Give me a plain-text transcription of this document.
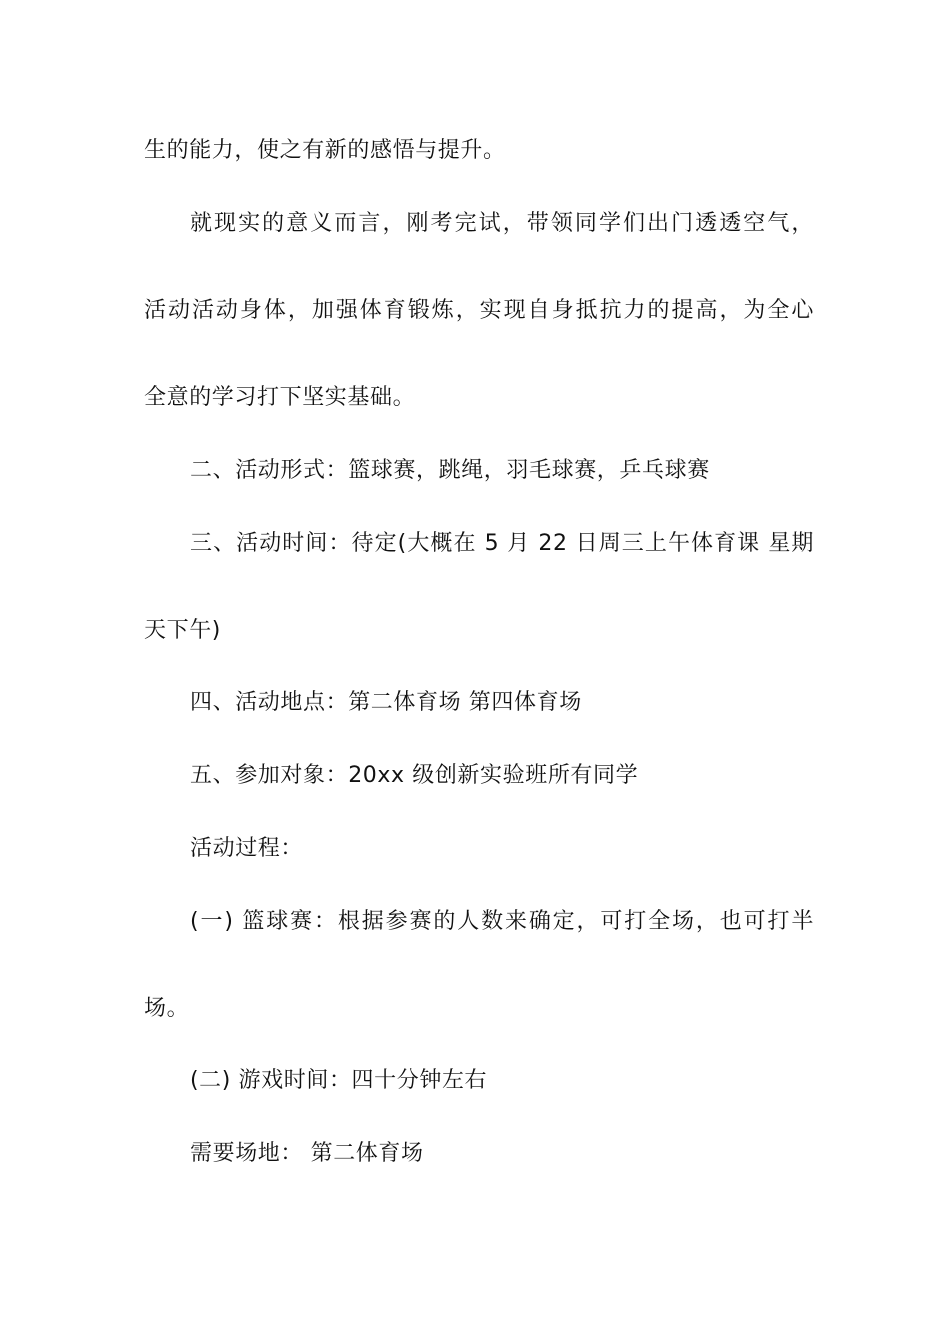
生的能力，使之有新的感悟与提升。
就现实的意义而言，刚考完试，带领同学们出门透透空气，
活动活动身体，加强体育锻炼，实现自身抵抗力的提高，为全心
全意的学习打下坚实基础。
二、活动形式：篮球赛，跳绳，羽毛球赛，乒乓球赛
三、活动时间：待定(大概在 5 月 22 日周三上午体育课 星期
天下午)
四、活动地点：第二体育场 第四体育场
五、参加对象：20xx 级创新实验班所有同学
活动过程：
(一) 篮球赛：根据参赛的人数来确定，可打全场，也可打半
场。
(二) 游戏时间：四十分钟左右
需要场地： 第二体育场
